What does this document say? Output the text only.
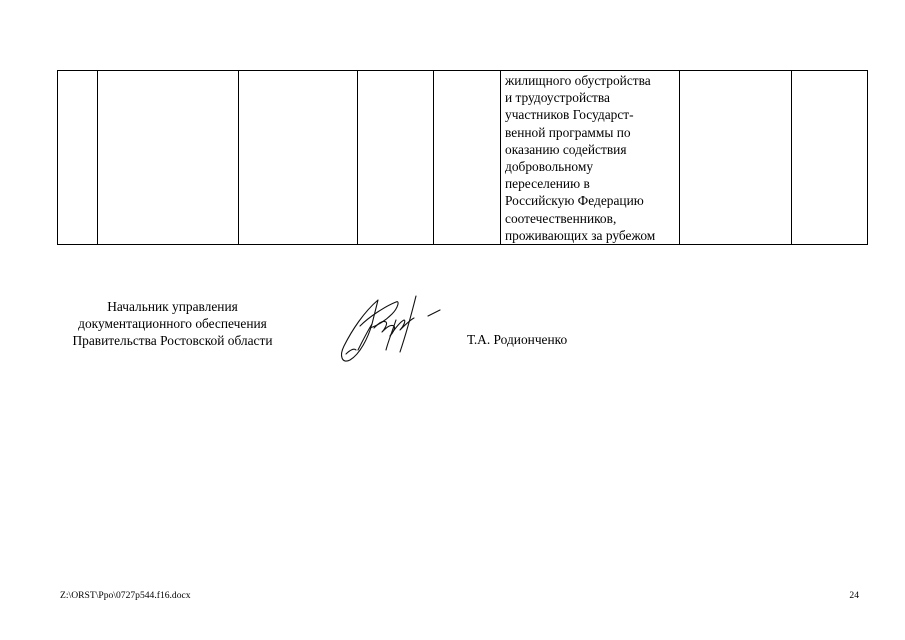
жилищного обустройства
и трудоустройства
участников Государст-
венной программы по
оказанию содействия
добровольному
переселению в
Российскую Федерацию
соотечественников,
проживающих за рубежом

Начальник управления
документационного обеспечения
Правительства Ростовской области	Т.А. Родионченко
Z:\ORST\Ppo\0727p544.f16.docx	24
